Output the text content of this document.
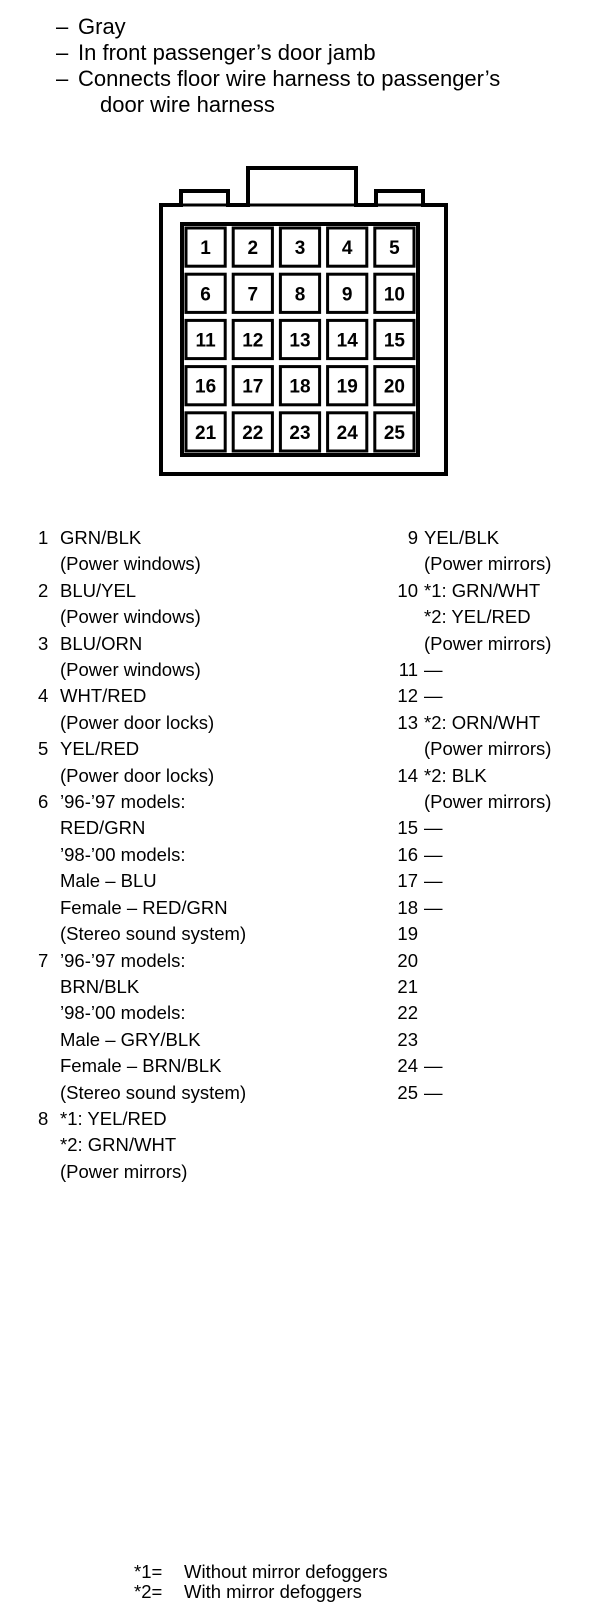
– Gray
– In front passenger’s door jamb
– Connects floor wire harness to passenger’s
door wire harness
1 2 3 4 5
6 7 8 9 10
11 12 13 14 15
16 17 18 19 20
21 22 23 24 25
1 GRN/BLK
(Power windows)
2 BLU/YEL
(Power windows)
3 BLU/ORN
(Power windows)
4 WHT/RED
(Power door locks)
5 YEL/RED
(Power door locks)
6 ’96-’97 models:
RED/GRN
’98-’00 models:
Male – BLU
Female – RED/GRN
(Stereo sound system)
7 ’96-’97 models:
BRN/BLK
’98-’00 models:
Male – GRY/BLK
Female – BRN/BLK
(Stereo sound system)
8 *1: YEL/RED
*2: GRN/WHT
(Power mirrors)
9 YEL/BLK
(Power mirrors)
10 *1: GRN/WHT
*2: YEL/RED
(Power mirrors)
11 —
12 —
13 *2: ORN/WHT
(Power mirrors)
14 *2: BLK
(Power mirrors)
15 —
16 —
17 —
18 —
19
20
21
22
23
24 —
25 —
*1= Without mirror defoggers
*2= With mirror defoggers
